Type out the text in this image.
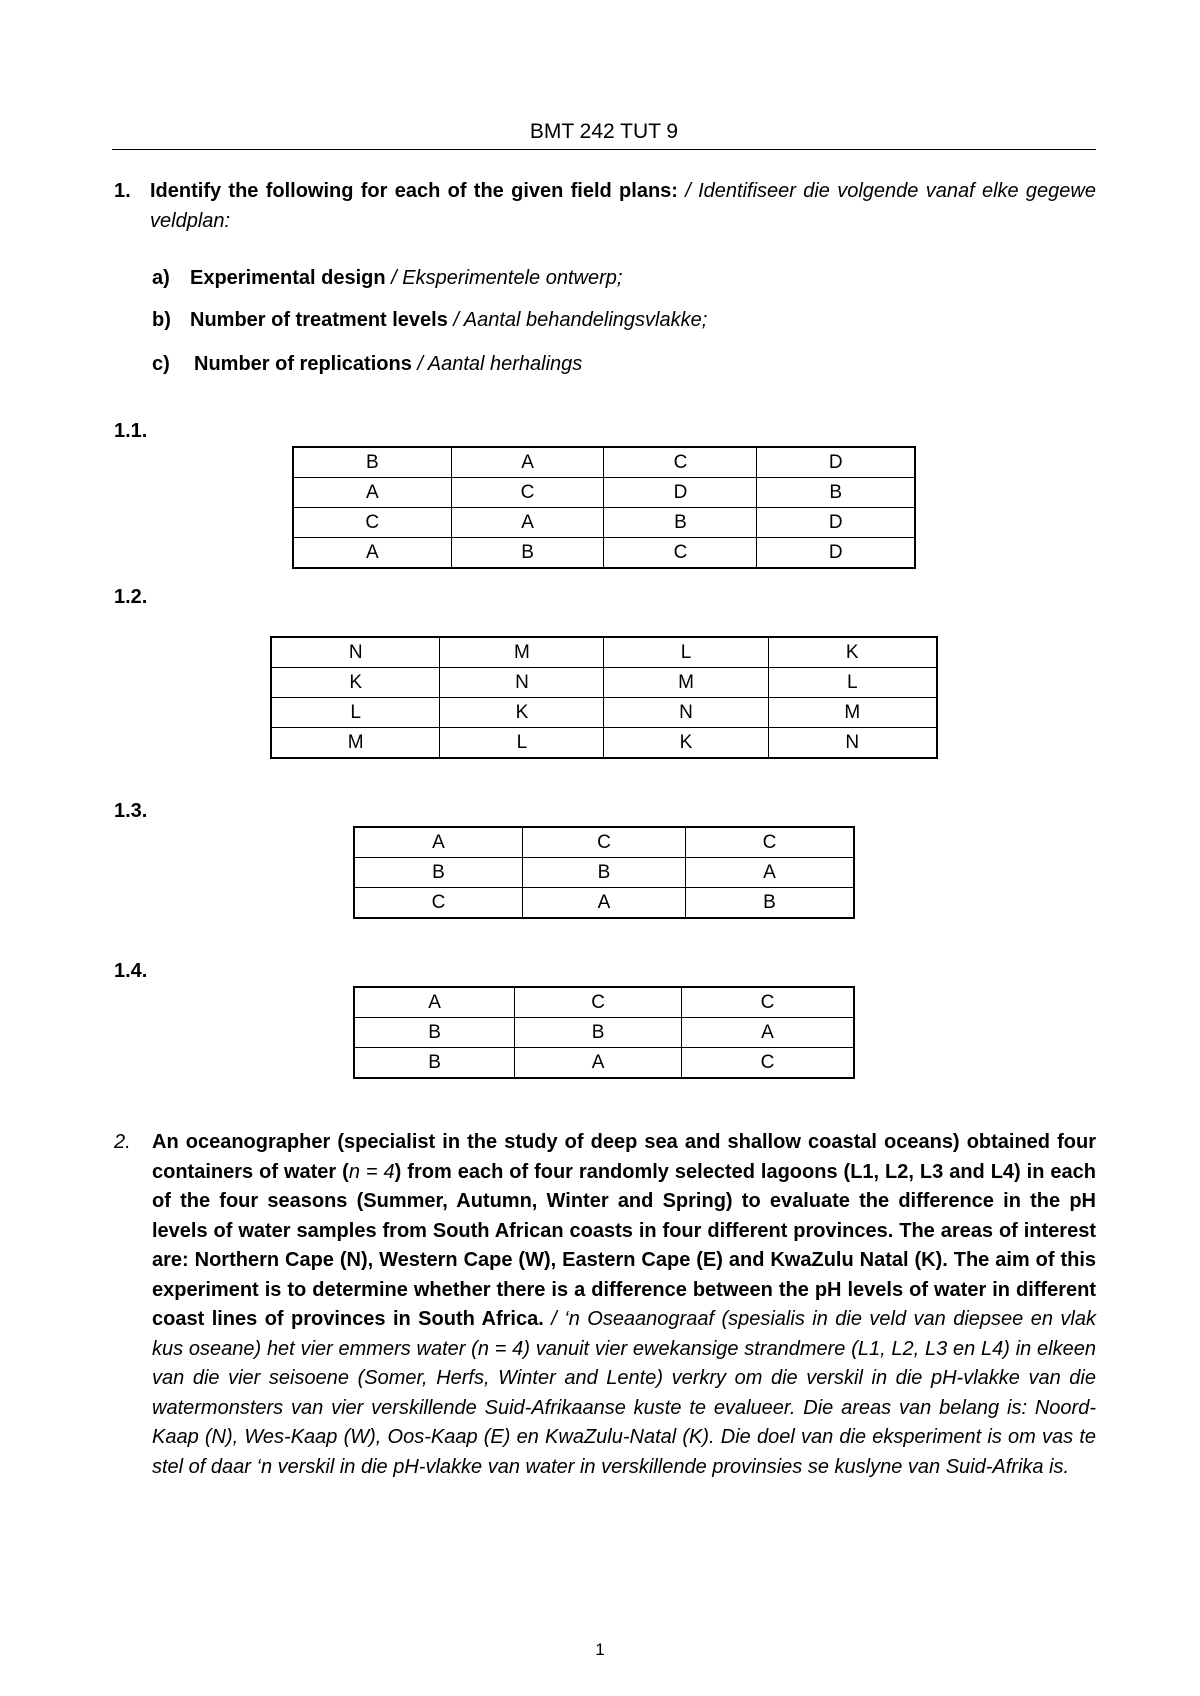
BMT 242 TUT 9
1. Identify the following for each of the given field plans: / Identifiseer die volgende vanaf elke gegewe veldplan:
a)	Experimental design / Eksperimentele ontwerp;
b) Number of treatment levels / Aantal behandelingsvlakke;
c)	Number of replications / Aantal herhalings
1.1.
B	A	C	D
A	C	D	B
C	A	B	D
A	B	C	D
1.2.
N	M	L	K
K	N	M	L
L	K	N	M
M	L	K	N
1.3.
A	C	C
B	B	A
C	A	B
1.4.
A	C	C
B	B	A
B	A	C
2.	An oceanographer (specialist in the study of deep sea and shallow coastal oceans) obtained four containers of water (n = 4) from each of four randomly selected lagoons (L1, L2, L3 and L4) in each of the four seasons (Summer, Autumn, Winter and Spring) to evaluate the difference in the pH levels of water samples from South African coasts in four different provinces. The areas of interest are: Northern Cape (N), Western Cape (W), Eastern Cape (E) and KwaZulu Natal (K). The aim of this experiment is to determine whether there is a difference between the pH levels of water in different coast lines of provinces in South Africa. / ‘n Oseaanograaf (spesialis in die veld van diepsee en vlak kus oseane) het vier emmers water (n = 4) vanuit vier ewekansige strandmere (L1, L2, L3 en L4) in elkeen van die vier seisoene (Somer, Herfs, Winter and Lente) verkry om die verskil in die pH-vlakke van die watermonsters van vier verskillende Suid-Afrikaanse kuste te evalueer. Die areas van belang is: Noord-Kaap (N), Wes-Kaap (W), Oos-Kaap (E) en KwaZulu-Natal (K). Die doel van die eksperiment is om vas te stel of daar ‘n verskil in die pH-vlakke van water in verskillende provinsies se kuslyne van Suid-Afrika is.
1
